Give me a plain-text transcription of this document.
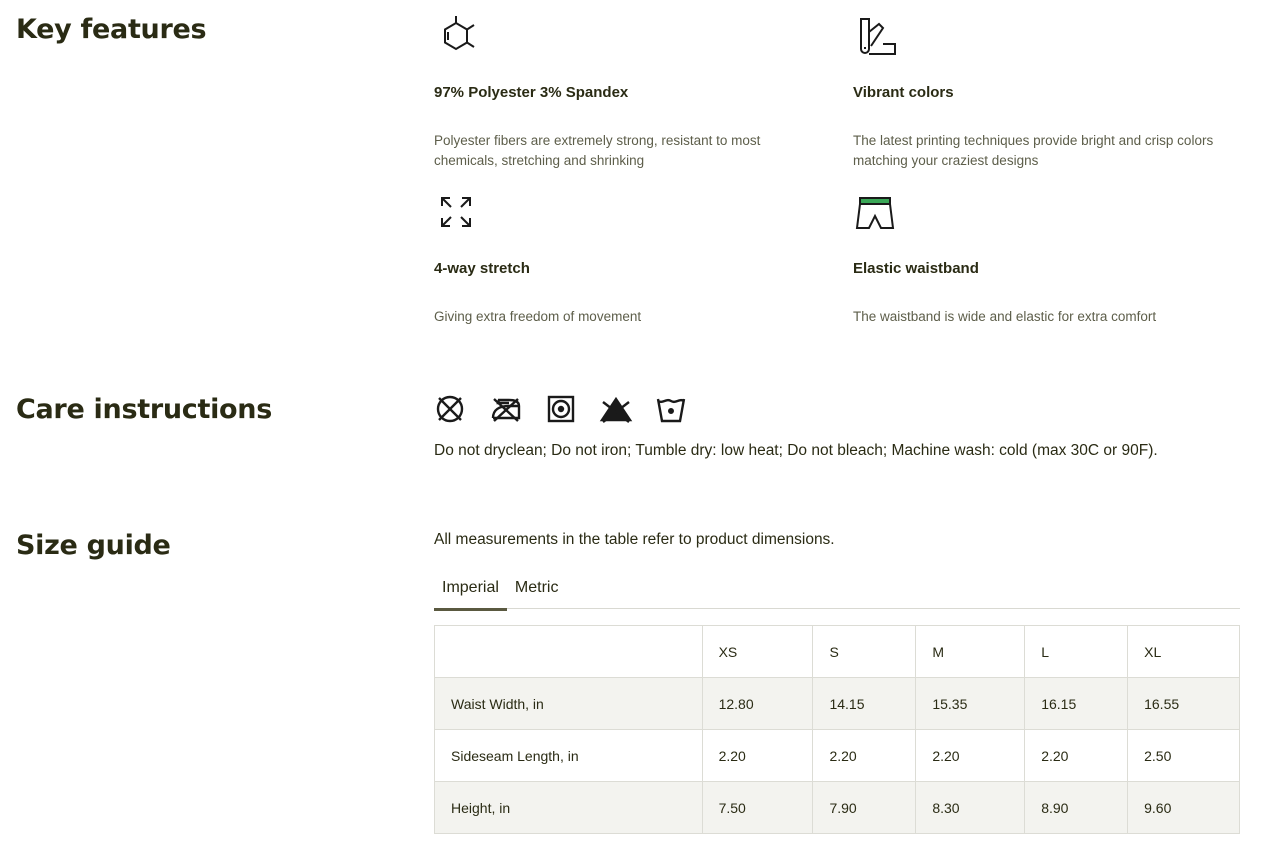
Key features
97% Polyester 3% Spandex

Polyester fibers are extremely strong, resistant to most chemicals, stretching and shrinking

Vibrant colors

The latest printing techniques provide bright and crisp colors matching your craziest designs

4-way stretch

Giving extra freedom of movement

Elastic waistband

The waistband is wide and elastic for extra comfort

Care instructions

Do not dryclean; Do not iron; Tumble dry: low heat; Do not bleach; Machine wash: cold (max 30C or 90F).

Size guide	All measurements in the table refer to product dimensions.

Imperial	Metric
	XS	S	M	L	XL
Waist Width, in	12.80	14.15	15.35	16.15	16.55
Sideseam Length, in	2.20	2.20	2.20	2.20	2.50
Height, in	7.50	7.90	8.30	8.90	9.60
